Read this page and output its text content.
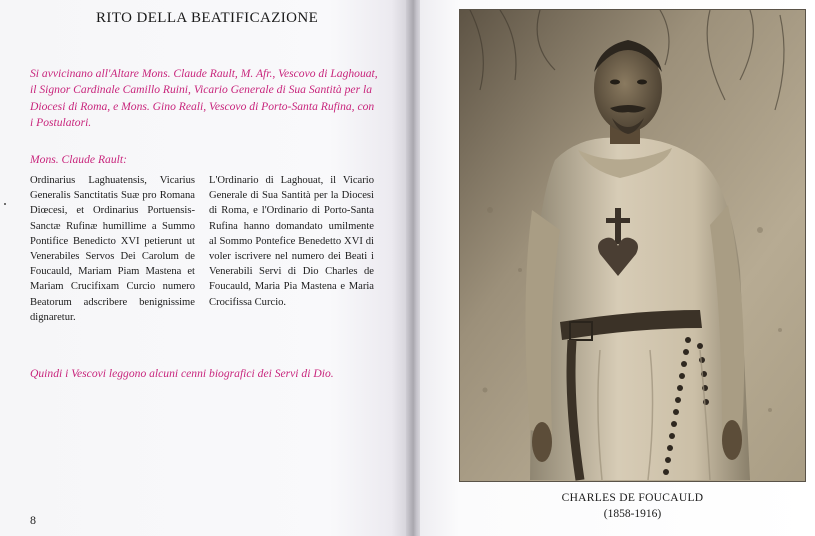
RITO DELLA BEATIFICAZIONE
Si avvicinano all'Altare Mons. Claude Rault, M. Afr., Vescovo di Laghouat, il Signor Cardinale Camillo Ruini, Vicario Generale di Sua Santità per la Diocesi di Roma, e Mons. Gino Reali, Vescovo di Porto-Santa Rufina, con i Postulatori.
Mons. Claude Rault:
Ordinarius Laghuatensis, Vicarius Generalis Sanctitatis Suæ pro Romana Diœcesi, et Ordinarius Portuensis-Sanctæ Rufinæ humillime a Summo Pontifice Benedicto XVI petierunt ut Venerabiles Servos Dei Carolum de Foucauld, Mariam Piam Mastena et Mariam Crucifixam Curcio numero Beatorum adscribere benignissime dignaretur.
L'Ordinario di Laghouat, il Vicario Generale di Sua Santità per la Diocesi di Roma, e l'Ordinario di Porto-Santa Rufina hanno domandato umilmente al Sommo Pontefice Benedetto XVI di voler iscrivere nel numero dei Beati i Venerabili Servi di Dio Charles de Foucauld, Maria Pia Mastena e Maria Crocifissa Curcio.
Quindi i Vescovi leggono alcuni cenni biografici dei Servi di Dio.
8
CHARLES DE FOUCAULD
(1858-1916)
